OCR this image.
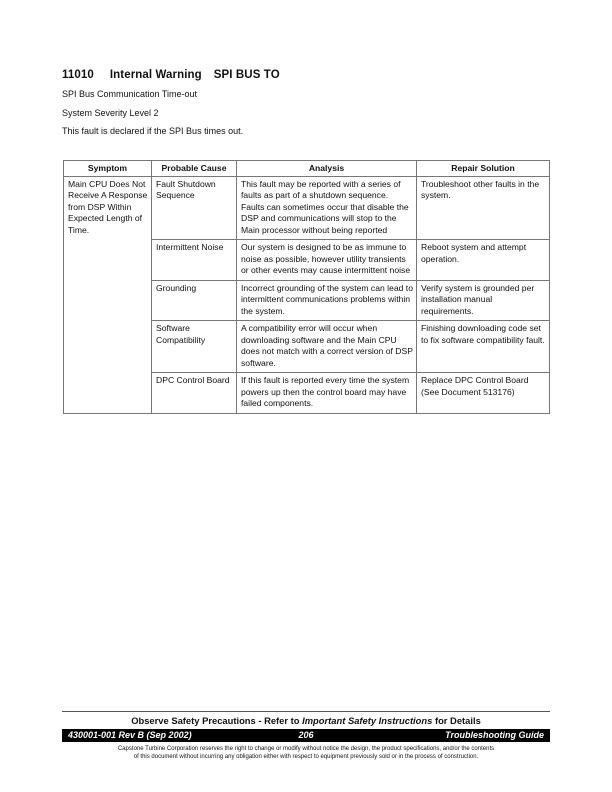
11010 Internal Warning SPI BUS TO
SPI Bus Communication Time-out
System Severity Level 2
This fault is declared if the SPI Bus times out.
Symptom	Probable Cause	Analysis	Repair Solution
Main CPU Does Not Receive A Response from DSP Within Expected Length of Time.	Fault Shutdown Sequence	This fault may be reported with a series of faults as part of a shutdown sequence. Faults can sometimes occur that disable the DSP and communications will stop to the Main processor without being reported	Troubleshoot other faults in the system.
	Intermittent Noise	Our system is designed to be as immune to noise as possible, however utility transients or other events may cause intermittent noise	Reboot system and attempt operation.
	Grounding	Incorrect grounding of the system can lead to intermittent communications problems within the system.	Verify system is grounded per installation manual requirements.
	Software Compatibility	A compatibility error will occur when downloading software and the Main CPU does not match with a correct version of DSP software.	Finishing downloading code set to fix software compatibility fault.
	DPC Control Board	If this fault is reported every time the system powers up then the control board may have failed components.	Replace DPC Control Board (See Document 513176)
Observe Safety Precautions - Refer to Important Safety Instructions for Details
206
430001-001 Rev B (Sep 2002)	Troubleshooting Guide
Capstone Turbine Corporation reserves the right to change or modify without notice the design, the product specifications, and/or the contents
of this document without incurring any obligation either with respect to equipment previously sold or in the process of construction.
